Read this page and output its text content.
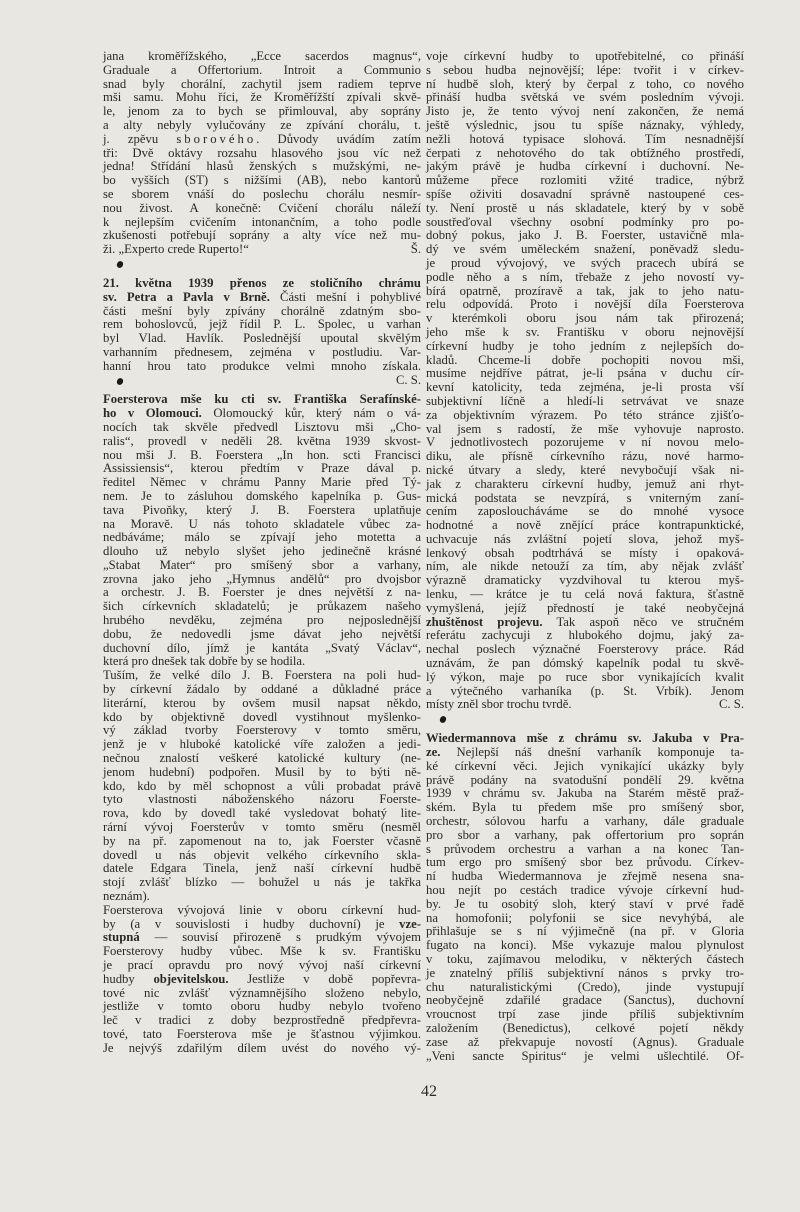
jana kroměřížského, „Ecce sacerdos magnus“,
Graduale a Offertorium. Introit a Communio
snad byly chorální, zachytil jsem radiem teprve
mši samu. Mohu říci, že Kroměřížští zpívali skvě-
le, jenom za to bych se přimlouval, aby soprány
a alty nebyly vylučovány ze zpívání chorálu, t.
j. zpěvu sborového. Důvody uvádím zatím
tři: Dvě oktávy rozsahu hlasového jsou víc než
jedna! Střídání hlasů ženských s mužskými, ne-
bo vyšších (ST) s nižšími (AB), nebo kantorů
se sborem vnáší do poslechu chorálu nesmír-
nou živost. A konečně: Cvičení chorálu náleží
k nejlepším cvičením intonančním, a toho podle
zkušenosti potřebují soprány a alty více než mu-
ži. „Experto crede Ruperto!“	Š.
21. května 1939 přenos ze stoličního chrámu
sv. Petra a Pavla v Brně. Části mešní i pohyblivé
části mešní byly zpívány chorálně zdatným sbo-
rem bohoslovců, jejž řídil P. L. Spolec, u varhan
byl Vlad. Havlík. Poslednější upoutal skvělým
varhanním přednesem, zejména v postludiu. Var-
hanní hrou tato produkce velmi mnoho získala.
C. S.
Foersterova mše ku cti sv. Františka Serafínské-
ho v Olomouci. Olomoucký kůr, který nám o vá-
nocích tak skvěle předvedl Lisztovu mši „Cho-
ralis“, provedl v neděli 28. května 1939 skvost-
nou mši J. B. Foerstera „In hon. scti Francisci
Assissiensis“, kterou předtím v Praze dával p.
ředitel Němec v chrámu Panny Marie před Tý-
nem. Je to zásluhou domského kapelníka p. Gus-
tava Pivoňky, který J. B. Foerstera uplatňuje
na Moravě. U nás tohoto skladatele vůbec za-
nedbáváme; málo se zpívají jeho motetta a
dlouho už nebylo slyšet jeho jedinečně krásné
„Stabat Mater“ pro smíšený sbor a varhany,
zrovna jako jeho „Hymnus andělů“ pro dvojsbor
a orchestr. J. B. Foerster je dnes největší z na-
šich církevních skladatelů; je průkazem našeho
hrubého nevděku, zejména pro nejposlednější
dobu, že nedovedli jsme dávat jeho největší
duchovní dílo, jímž je kantáta „Svatý Václav“,
která pro dnešek tak dobře by se hodila.
Tuším, že velké dílo J. B. Foerstera na poli hud-
by církevní žádalo by oddané a důkladné práce
literární, kterou by ovšem musil napsat někdo,
kdo by objektivně dovedl vystihnout myšlenko-
vý základ tvorby Foersterovy v tomto směru,
jenž je v hluboké katolické víře založen a jedi-
nečnou znalostí veškeré katolické kultury (ne-
jenom hudební) podpořen. Musil by to býti ně-
kdo, kdo by měl schopnost a vůli probadat právě
tyto vlastnosti náboženského názoru Foerste-
rova, kdo by dovedl také vysledovat bohatý lite-
rární vývoj Foersterův v tomto směru (nesměl
by na př. zapomenout na to, jak Foerster včasně
dovedl u nás objevit velkého církevního skla-
datele Edgara Tinela, jenž naší církevní hudbě
stojí zvlášť blízko — bohužel u nás je takřka
neznám).
Foersterova vývojová linie v oboru církevní hud-
by (a v souvislosti i hudby duchovní) je vze-
stupná — souvisí přirozeně s prudkým vývojem
Foersterovy hudby vůbec. Mše k sv. Františku
je prací opravdu pro nový vývoj naší církevní
hudby objevitelskou. Jestliže v době popřevra-
tové nic zvlášť významnějšího složeno nebylo,
jestliže v tomto oboru hudby nebylo tvořeno
leč v tradici z doby bezprostředně předpřevra-
tové, tato Foersterova mše je šťastnou výjimkou.
Je nejvýš zdařilým dílem uvést do nového vý-
voje církevní hudby to upotřebitelné, co přináší
s sebou hudba nejnovější; lépe: tvořit i v církev-
ní hudbě sloh, který by čerpal z toho, co nového
přináší hudba světská ve svém posledním vývoji.
Jisto je, že tento vývoj není zakončen, že nemá
ještě výslednic, jsou tu spíše náznaky, výhledy,
nežli hotová typisace slohová. Tím nesnadnější
čerpati z nehotového do tak obtížného prostředí,
jakým právě je hudba církevní i duchovní. Ne-
můžeme přece rozlomiti vžité tradice, nýbrž
spíše oživiti dosavadní správně nastoupené ces-
ty. Není prostě u nás skladatele, který by v sobě
soustřeďoval všechny osobní podmínky pro po-
dobný pokus, jako J. B. Foerster, ustavičně mla-
dý ve svém uměleckém snažení, poněvadž sledu-
je proud vývojový, ve svých pracech ubírá se
podle něho a s ním, třebaže z jeho novostí vy-
bírá opatrně, prozíravě a tak, jak to jeho natu-
relu odpovídá. Proto i novější díla Foersterova
v kterémkoli oboru jsou nám tak přirozená;
jeho mše k sv. Františku v oboru nejnovější
církevní hudby je toho jedním z nejlepších do-
kladů. Chceme-li dobře pochopiti novou mši,
musíme nejdříve pátrat, je-li psána v duchu cír-
kevní katolicity, teda zejména, je-li prosta vší
subjektivní líčně a hledí-li setrvávat ve snaze
za objektivním výrazem. Po této stránce zjišťo-
val jsem s radostí, že mše vyhovuje naprosto.
V jednotlivostech pozorujeme v ní novou melo-
diku, ale přísně církevního rázu, nové harmo-
nické útvary a sledy, které nevybočují však ni-
jak z charakteru církevní hudby, jemuž ani rhyt-
mická podstata se nevzpírá, s vniterným zaní-
cením zaposloucháváme se do mnohé vysoce
hodnotné a nově znějící práce kontrapunktické,
uchvacuje nás zvláštní pojetí slova, jehož myš-
lenkový obsah podtrhává se místy i opaková-
ním, ale nikde netouží za tím, aby nějak zvlášť
výrazně dramaticky vyzdvihoval tu kterou myš-
lenku, — krátce je tu celá nová faktura, šťastně
vymyšlená, jejíž předností je také neobyčejná
zhuštěnost projevu. Tak aspoň něco ve stručném
referátu zachycuji z hlubokého dojmu, jaký za-
nechal poslech význačné Foersterovy práce. Rád
uznávám, že pan dómský kapelník podal tu skvě-
lý výkon, maje po ruce sbor vynikajících kvalit
a výtečného varhaníka (p. St. Vrbík). Jenom
místy zněl sbor trochu tvrdě.	C. S.
Wiedermannova mše z chrámu sv. Jakuba v Pra-
ze. Nejlepší náš dnešní varhaník komponuje ta-
ké církevní věci. Jejich vynikající ukázky byly
právě podány na svatodušní pondělí 29. května
1939 v chrámu sv. Jakuba na Starém městě praž-
ském. Byla tu předem mše pro smíšený sbor,
orchestr, sólovou harfu a varhany, dále graduale
pro sbor a varhany, pak offertorium pro soprán
s průvodem orchestru a varhan a na konec Tan-
tum ergo pro smíšený sbor bez průvodu. Církev-
ní hudba Wiedermannova je zřejmě nesena sna-
hou nejít po cestách tradice vývoje církevní hud-
by. Je tu osobitý sloh, který staví v prvé řadě
na homofonii; polyfonii se sice nevyhýbá, ale
přihlašuje se s ní výjimečně (na př. v Gloria
fugato na konci). Mše vykazuje malou plynulost
v toku, zajímavou melodiku, v některých částech
je znatelný příliš subjektivní nános s prvky tro-
chu naturalistickými (Credo), jinde vystupují
neobyčejně zdařilé gradace (Sanctus), duchovní
vroucnost trpí zase jinde příliš subjektivním
založením (Benedictus), celkové pojetí někdy
zase až překvapuje novostí (Agnus). Graduale
„Veni sancte Spiritus“ je velmi ušlechtilé. Of-
42
